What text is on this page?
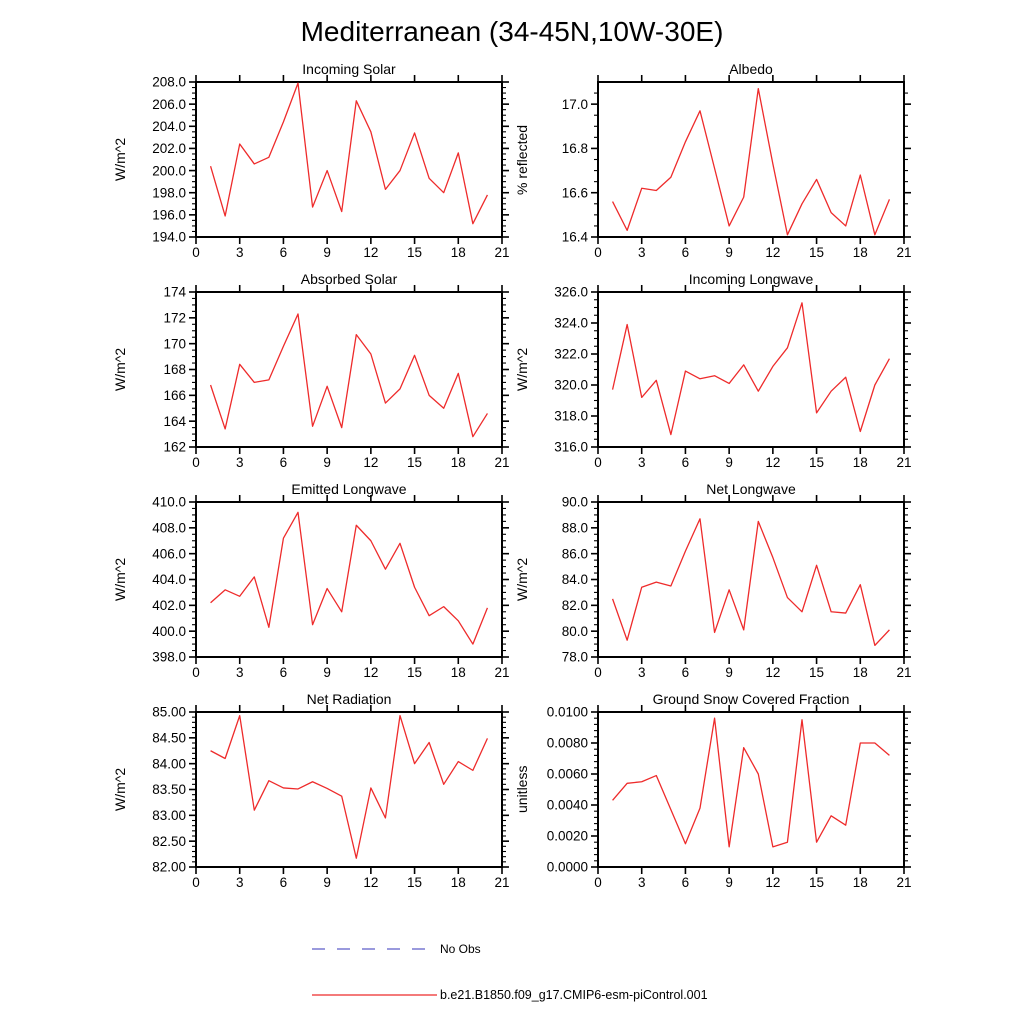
Mediterranean (34-45N,10W-30E)
Incoming Solar
W/m^2
0	3	6	9 12 15 18 21
194.0
196.0
198.0
200.0
202.0
204.0
206.0
208.0
Albedo
% reflected
0	3	6	9 12 15 18 21
16.4
16.6
16.8
17.0
Absorbed Solar
W/m^2
0	3	6	9 12 15 18 21
162
164
166
168
170
172
174
Incoming Longwave
W/m^2
0	3	6	9 12 15 18 21
316.0
318.0
320.0
322.0
324.0
326.0
Emitted Longwave
W/m^2
0	3	6	9 12 15 18 21
398.0
400.0
402.0
404.0
406.0
408.0
410.0
Net Longwave
W/m^2
0	3	6	9 12 15 18 21
78.0
80.0
82.0
84.0
86.0
88.0
90.0
Net Radiation
W/m^2
0	3	6	9 12 15 18 21
82.00
82.50
83.00
83.50
84.00
84.50
85.00
Ground Snow Covered Fraction
unitless
0	3	6	9 12 15 18 21
0.0000
0.0020
0.0040
0.0060
0.0080
0.0100
No Obs
b.e21.B1850.f09_g17.CMIP6-esm-piControl.001
